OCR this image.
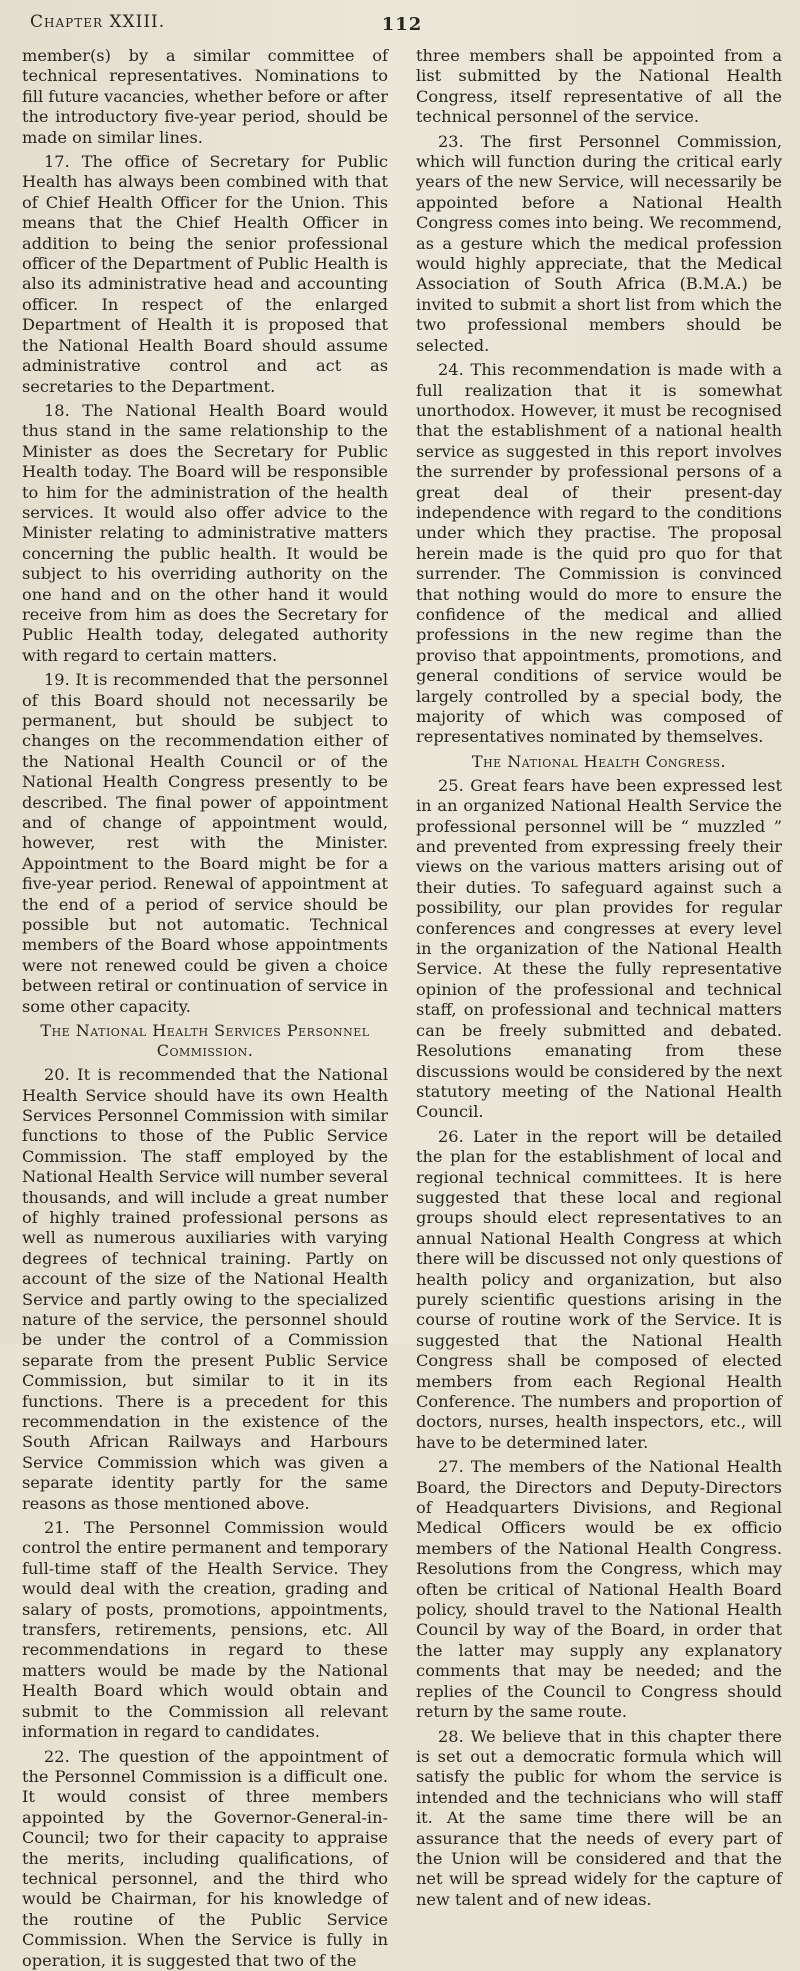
Chapter XXIII.	112

member(s) by a similar committee of technical representatives. Nominations to fill future vacancies, whether before or after the introductory five-year period, should be made on similar lines.

17. The office of Secretary for Public Health has always been combined with that of Chief Health Officer for the Union. This means that the Chief Health Officer in addition to being the senior professional officer of the Department of Public Health is also its administrative head and accounting officer. In respect of the enlarged Department of Health it is proposed that the National Health Board should assume administrative control and act as secretaries to the Department.

18. The National Health Board would thus stand in the same relationship to the Minister as does the Secretary for Public Health today. The Board will be responsible to him for the administration of the health services. It would also offer advice to the Minister relating to administrative matters concerning the public health. It would be subject to his overriding authority on the one hand and on the other hand it would receive from him as does the Secretary for Public Health today, delegated authority with regard to certain matters.

19. It is recommended that the personnel of this Board should not necessarily be permanent, but should be subject to changes on the recommendation either of the National Health Council or of the National Health Congress presently to be described. The final power of appointment and of change of appointment would, however, rest with the Minister. Appointment to the Board might be for a five-year period. Renewal of appointment at the end of a period of service should be possible but not automatic. Technical members of the Board whose appointments were not renewed could be given a choice between retiral or continuation of service in some other capacity.

The National Health Services Personnel Commission.

20. It is recommended that the National Health Service should have its own Health Services Personnel Commission with similar functions to those of the Public Service Commission. The staff employed by the National Health Service will number several thousands, and will include a great number of highly trained professional persons as well as numerous auxiliaries with varying degrees of technical training. Partly on account of the size of the National Health Service and partly owing to the specialized nature of the service, the personnel should be under the control of a Commission separate from the present Public Service Commission, but similar to it in its functions. There is a precedent for this recommendation in the existence of the South African Railways and Harbours Service Commission which was given a separate identity partly for the same reasons as those mentioned above.

21. The Personnel Commission would control the entire permanent and temporary full-time staff of the Health Service. They would deal with the creation, grading and salary of posts, promotions, appointments, transfers, retirements, pensions, etc. All recommendations in regard to these matters would be made by the National Health Board which would obtain and submit to the Commission all relevant information in regard to candidates.

22. The question of the appointment of the Personnel Commission is a difficult one. It would consist of three members appointed by the Governor-General-in-Council; two for their capacity to appraise the merits, including qualifications, of technical personnel, and the third who would be Chairman, for his knowledge of the routine of the Public Service Commission. When the Service is fully in operation, it is suggested that two of the

three members shall be appointed from a list submitted by the National Health Congress, itself representative of all the technical personnel of the service.

23. The first Personnel Commission, which will function during the critical early years of the new Service, will necessarily be appointed before a National Health Congress comes into being. We recommend, as a gesture which the medical profession would highly appreciate, that the Medical Association of South Africa (B.M.A.) be invited to submit a short list from which the two professional members should be selected.

24. This recommendation is made with a full realization that it is somewhat unorthodox. However, it must be recognised that the establishment of a national health service as suggested in this report involves the surrender by professional persons of a great deal of their present-day independence with regard to the conditions under which they practise. The proposal herein made is the quid pro quo for that surrender. The Commission is convinced that nothing would do more to ensure the confidence of the medical and allied professions in the new regime than the proviso that appointments, promotions, and general conditions of service would be largely controlled by a special body, the majority of which was composed of representatives nominated by themselves.

The National Health Congress.

25. Great fears have been expressed lest in an organized National Health Service the professional personnel will be “ muzzled ” and prevented from expressing freely their views on the various matters arising out of their duties. To safeguard against such a possibility, our plan provides for regular conferences and congresses at every level in the organization of the National Health Service. At these the fully representative opinion of the professional and technical staff, on professional and technical matters can be freely submitted and debated. Resolutions emanating from these discussions would be considered by the next statutory meeting of the National Health Council.

26. Later in the report will be detailed the plan for the establishment of local and regional technical committees. It is here suggested that these local and regional groups should elect representatives to an annual National Health Congress at which there will be discussed not only questions of health policy and organization, but also purely scientific questions arising in the course of routine work of the Service. It is suggested that the National Health Congress shall be composed of elected members from each Regional Health Conference. The numbers and proportion of doctors, nurses, health inspectors, etc., will have to be determined later.

27. The members of the National Health Board, the Directors and Deputy-Directors of Headquarters Divisions, and Regional Medical Officers would be ex officio members of the National Health Congress. Resolutions from the Congress, which may often be critical of National Health Board policy, should travel to the National Health Council by way of the Board, in order that the latter may supply any explanatory comments that may be needed; and the replies of the Council to Congress should return by the same route.

28. We believe that in this chapter there is set out a democratic formula which will satisfy the public for whom the service is intended and the technicians who will staff it. At the same time there will be an assurance that the needs of every part of the Union will be considered and that the net will be spread widely for the capture of new talent and of new ideas.
